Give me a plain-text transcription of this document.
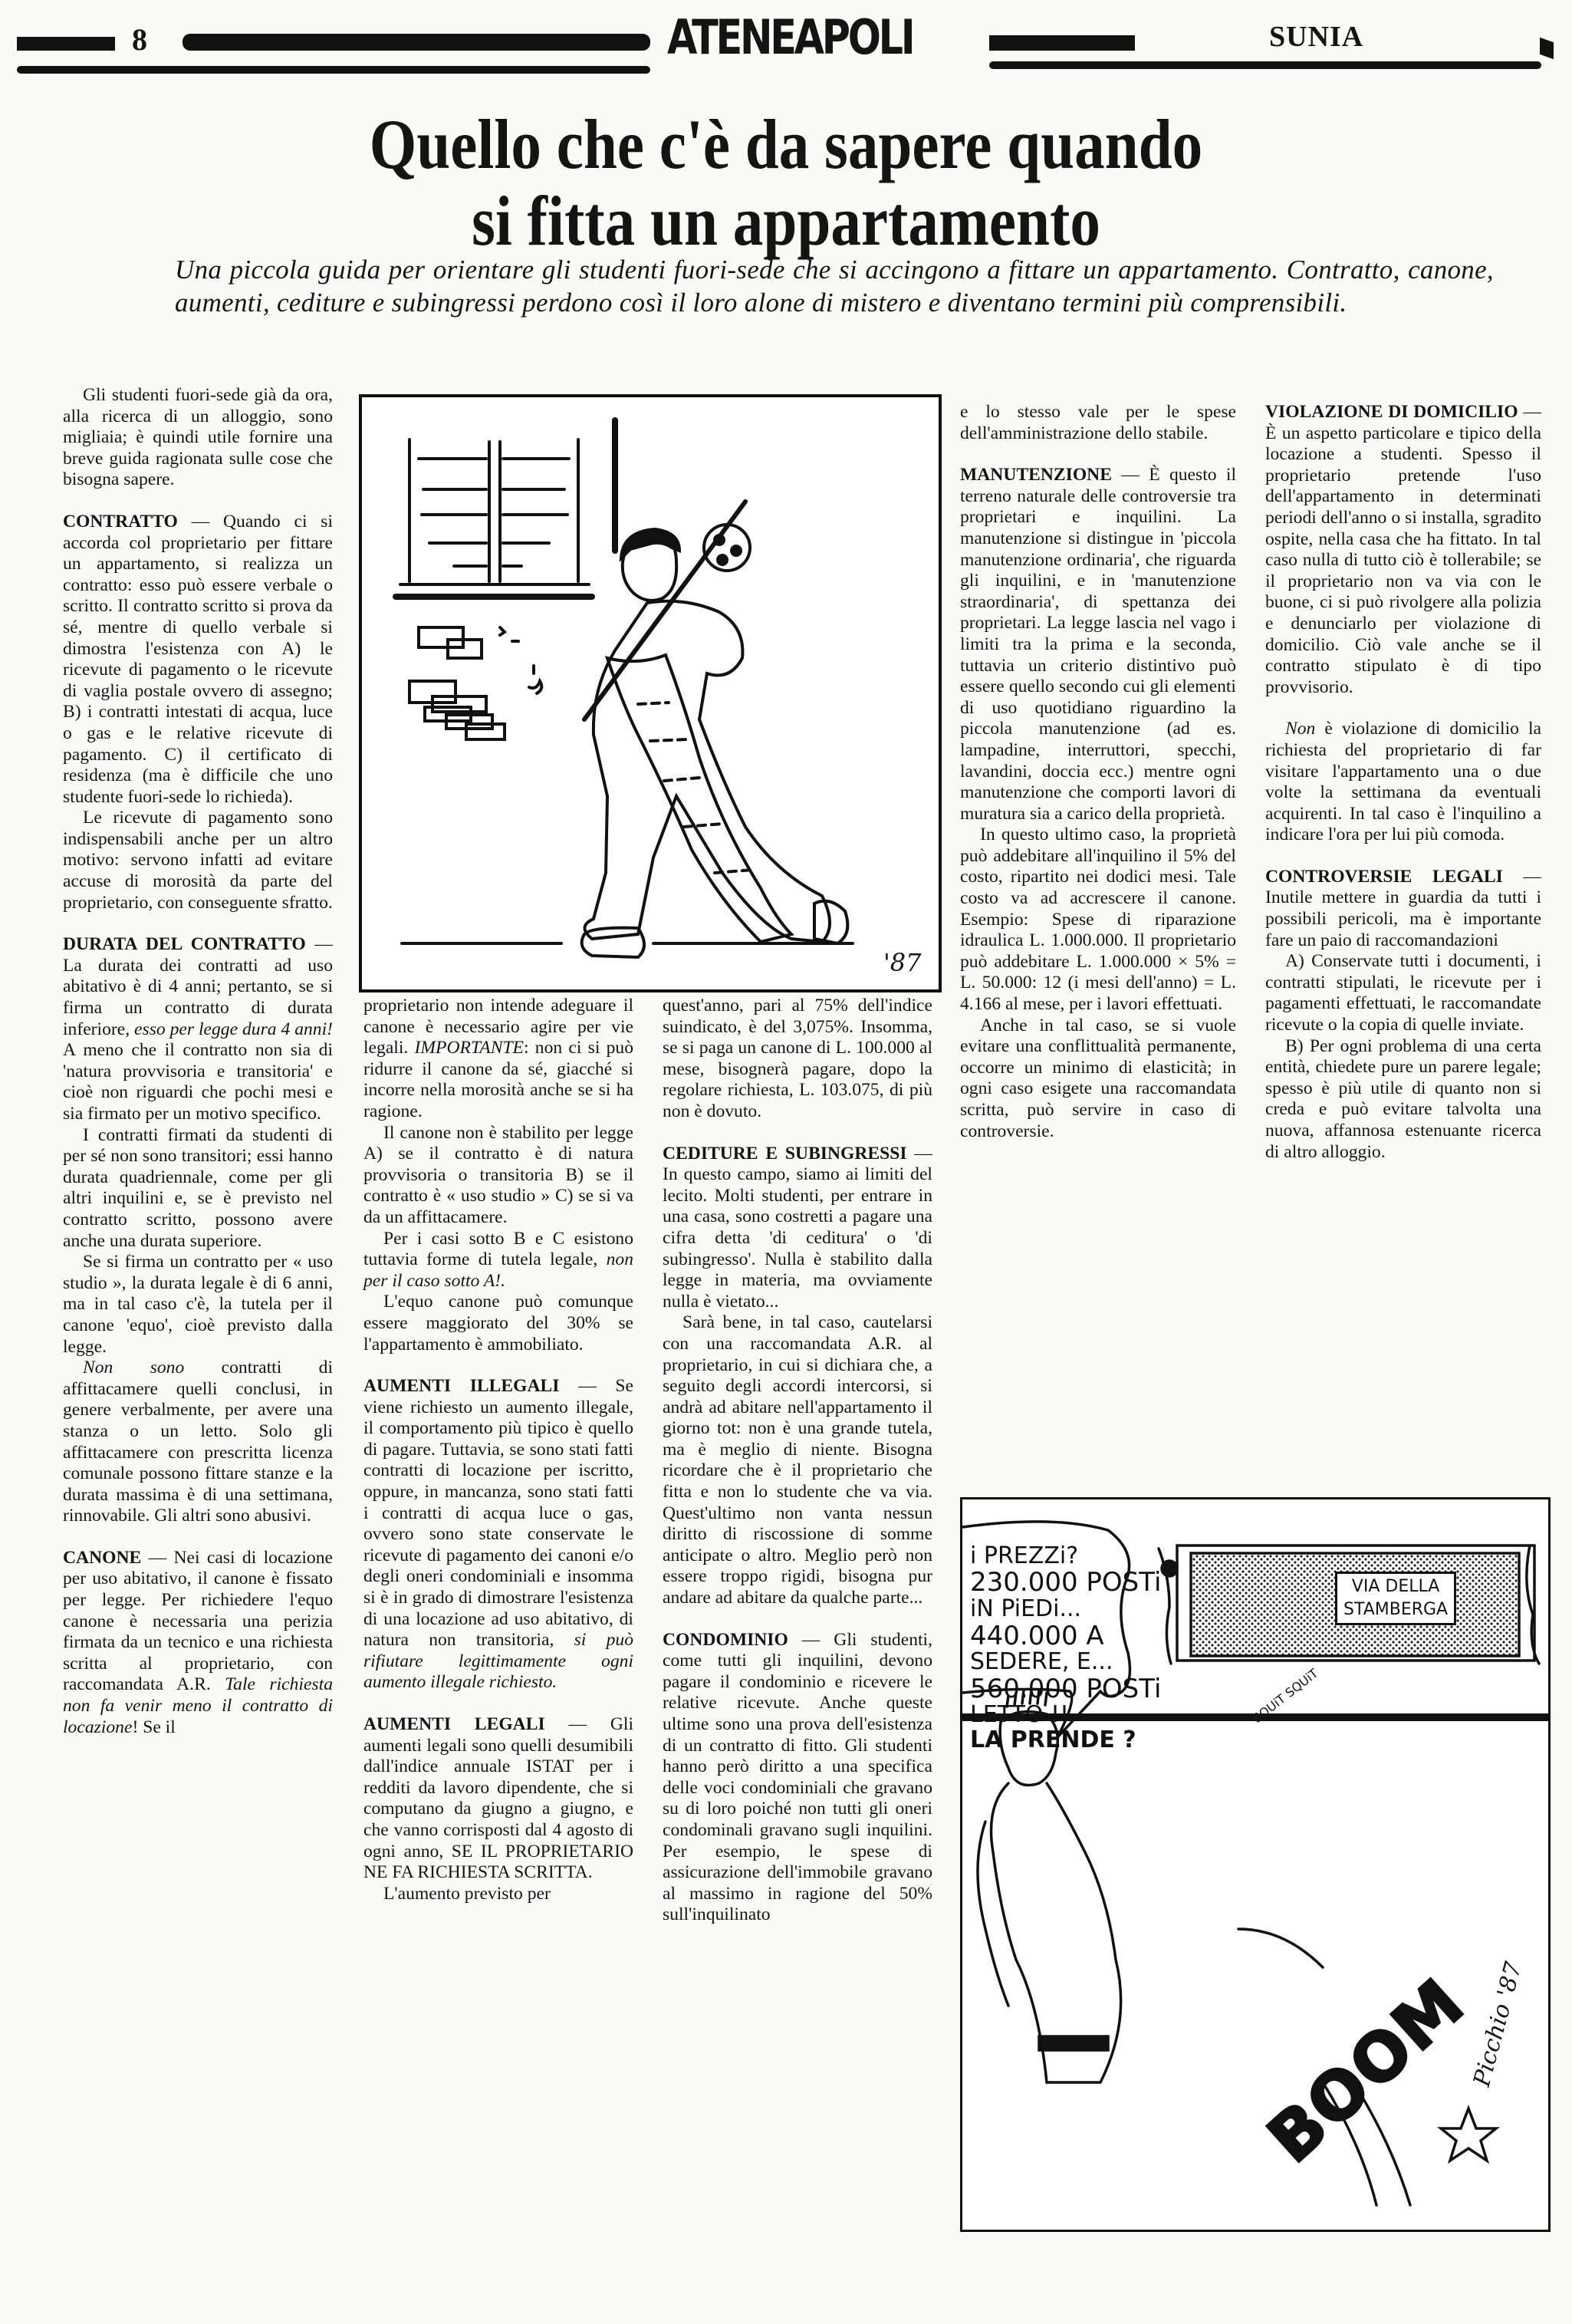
8	ATENEAPOLI	SUNIA
Quello che c'è da sapere quando
si fitta un appartamento
Una piccola guida per orientare gli studenti fuori-sede che si accingono a fittare un appartamento. Contratto, canone, aumenti, cediture e subingressi perdono così il loro alone di mistero e diventano termini più comprensibili.

Gli studenti fuori-sede già da ora, alla ricerca di un alloggio, sono migliaia; è quindi utile fornire una breve guida ragionata sulle cose che bisogna sapere.

CONTRATTO — Quando ci si accorda col proprietario per fittare un appartamento, si realizza un contratto: esso può essere verbale o scritto. Il contratto scritto si prova da sé, mentre di quello verbale si dimostra l'esistenza con A) le ricevute di pagamento o le ricevute di vaglia postale ovvero di assegno; B) i contratti intestati di acqua, luce o gas e le relative ricevute di pagamento. C) il certificato di residenza (ma è difficile che uno studente fuori-sede lo richieda).

Le ricevute di pagamento sono indispensabili anche per un altro motivo: servono infatti ad evitare accuse di morosità da parte del proprietario, con conseguente sfratto.

DURATA DEL CONTRATTO — La durata dei contratti ad uso abitativo è di 4 anni; pertanto, se si firma un contratto di durata inferiore, esso per legge dura 4 anni! A meno che il contratto non sia di 'natura provvisoria e transitoria' e cioè non riguardi che pochi mesi e sia firmato per un motivo specifico.

I contratti firmati da studenti di per sé non sono transitori; essi hanno durata quadriennale, come per gli altri inquilini e, se è previsto nel contratto scritto, possono avere anche una durata superiore.

Se si firma un contratto per « uso studio », la durata legale è di 6 anni, ma in tal caso c'è, la tutela per il canone 'equo', cioè previsto dalla legge.

Non sono contratti di affittacamere quelli conclusi, in genere verbalmente, per avere una stanza o un letto. Solo gli affittacamere con prescritta licenza comunale possono fittare stanze e la durata massima è di una settimana, rinnovabile. Gli altri sono abusivi.

CANONE — Nei casi di locazione per uso abitativo, il canone è fissato per legge. Per richiedere l'equo canone è necessaria una perizia firmata da un tecnico e una richiesta scritta al proprietario, con raccomandata A.R. Tale richiesta non fa venir meno il contratto di locazione! Se il

'87

proprietario non intende adeguare il canone è necessario agire per vie legali. IMPORTANTE: non ci si può ridurre il canone da sé, giacché si incorre nella morosità anche se si ha ragione.

Il canone non è stabilito per legge A) se il contratto è di natura provvisoria o transitoria B) se il contratto è « uso studio » C) se si va da un affittacamere.

Per i casi sotto B e C esistono tuttavia forme di tutela legale, non per il caso sotto A!.

L'equo canone può comunque essere maggiorato del 30% se l'appartamento è ammobiliato.

AUMENTI ILLEGALI — Se viene richiesto un aumento illegale, il comportamento più tipico è quello di pagare. Tuttavia, se sono stati fatti contratti di locazione per iscritto, oppure, in mancanza, sono stati fatti i contratti di acqua luce o gas, ovvero sono state conservate le ricevute di pagamento dei canoni e/o degli oneri condominiali e insomma si è in grado di dimostrare l'esistenza di una locazione ad uso abitativo, di natura non transitoria, si può rifiutare legittimamente ogni aumento illegale richiesto.

AUMENTI LEGALI — Gli aumenti legali sono quelli desumibili dall'indice annuale ISTAT per i redditi da lavoro dipendente, che si computano da giugno a giugno, e che vanno corrisposti dal 4 agosto di ogni anno, SE IL PROPRIETARIO NE FA RICHIESTA SCRITTA.

L'aumento previsto per

quest'anno, pari al 75% dell'indice suindicato, è del 3,075%. Insomma, se si paga un canone di L. 100.000 al mese, bisognerà pagare, dopo la regolare richiesta, L. 103.075, di più non è dovuto.

CEDITURE E SUBINGRESSI — In questo campo, siamo ai limiti del lecito. Molti studenti, per entrare in una casa, sono costretti a pagare una cifra detta 'di ceditura' o 'di subingresso'. Nulla è stabilito dalla legge in materia, ma ovviamente nulla è vietato...

Sarà bene, in tal caso, cautelarsi con una raccomandata A.R. al proprietario, in cui si dichiara che, a seguito degli accordi intercorsi, si andrà ad abitare nell'appartamento il giorno tot: non è una grande tutela, ma è meglio di niente. Bisogna ricordare che è il proprietario che fitta e non lo studente che va via. Quest'ultimo non vanta nessun diritto di riscossione di somme anticipate o altro. Meglio però non essere troppo rigidi, bisogna pur andare ad abitare da qualche parte...

CONDOMINIO — Gli studenti, come tutti gli inquilini, devono pagare il condominio e ricevere le relative ricevute. Anche queste ultime sono una prova dell'esistenza di un contratto di fitto. Gli studenti hanno però diritto a una specifica delle voci condominiali che gravano su di loro poiché non tutti gli oneri condominali gravano sugli inquilini. Per esempio, le spese di assicurazione dell'immobile gravano al massimo in ragione del 50% sull'inquilinato

e lo stesso vale per le spese dell'amministrazione dello stabile.

MANUTENZIONE — È questo il terreno naturale delle controversie tra proprietari e inquilini. La manutenzione si distingue in 'piccola manutenzione ordinaria', che riguarda gli inquilini, e in 'manutenzione straordinaria', di spettanza dei proprietari. La legge lascia nel vago i limiti tra la prima e la seconda, tuttavia un criterio distintivo può essere quello secondo cui gli elementi di uso quotidiano riguardino la piccola manutenzione (ad es. lampadine, interruttori, specchi, lavandini, doccia ecc.) mentre ogni manutenzione che comporti lavori di muratura sia a carico della proprietà.

In questo ultimo caso, la proprietà può addebitare all'inquilino il 5% del costo, ripartito nei dodici mesi. Tale costo va ad accrescere il canone. Esempio: Spese di riparazione idraulica L. 1.000.000. Il proprietario può addebitare L. 1.000.000 × 5% = L. 50.000: 12 (i mesi dell'anno) = L. 4.166 al mese, per i lavori effettuati.

Anche in tal caso, se si vuole evitare una conflittualità permanente, occorre un minimo di elasticità; in ogni caso esigete una raccomandata scritta, può servire in caso di controversie.

VIOLAZIONE DI DOMICILIO — È un aspetto particolare e tipico della locazione a studenti. Spesso il proprietario pretende l'uso dell'appartamento in determinati periodi dell'anno o si installa, sgradito ospite, nella casa che ha fittato. In tal caso nulla di tutto ciò è tollerabile; se il proprietario non va via con le buone, ci si può rivolgere alla polizia e denunciarlo per violazione di domicilio. Ciò vale anche se il contratto stipulato è di tipo provvisorio.

Non è violazione di domicilio la richiesta del proprietario di far visitare l'appartamento una o due volte la settimana da eventuali acquirenti. In tal caso è l'inquilino a indicare l'ora per lui più comoda.

CONTROVERSIE LEGALI — Inutile mettere in guardia da tutti i possibili pericoli, ma è importante fare un paio di raccomandazioni

A) Conservate tutti i documenti, i contratti stipulati, le ricevute per i pagamenti effettuati, le raccomandate ricevute o la copia di quelle inviate.

B) Per ogni problema di una certa entità, chiedete pure un parere legale; spesso è più utile di quanto non si creda e può evitare talvolta una nuova, affannosa estenuante ricerca di altro alloggio.

i PREZZi?
230.000 POSTi
iN PiEDi...
440.000 A
SEDERE, E...
560.000 POSTi
LETTO !!
LA PRENDE ?
VIA DELLA
STAMBERGA
SQUiT SQUiT
BOOM
Picchio '87
